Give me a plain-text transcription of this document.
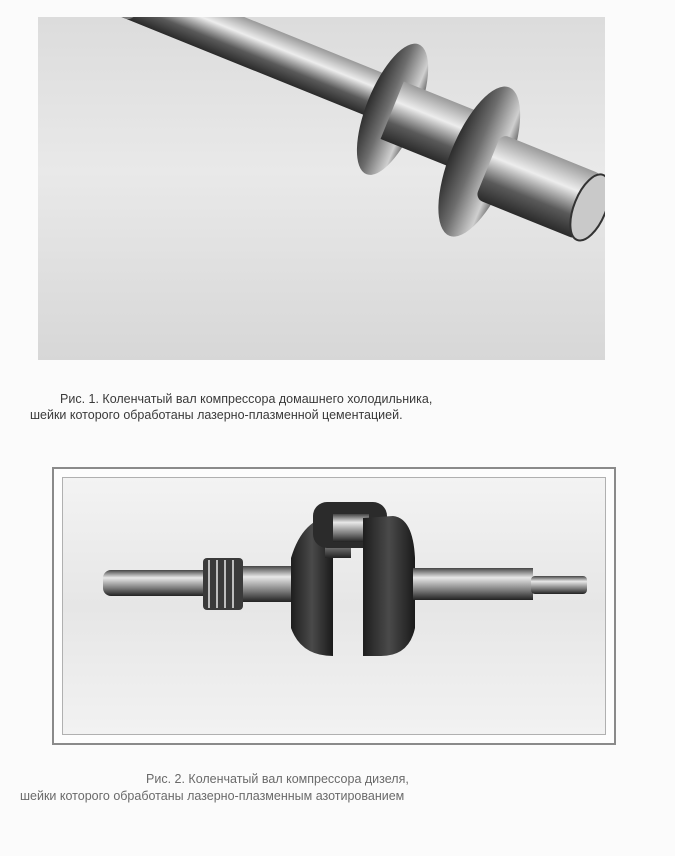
Рис. 1. Коленчатый вал компрессора домашнего холодильника,
шейки которого обработаны лазерно-плазменной цементацией.
Рис. 2. Коленчатый вал компрессора дизеля,
шейки которого обработаны лазерно-плазменным азотированием
